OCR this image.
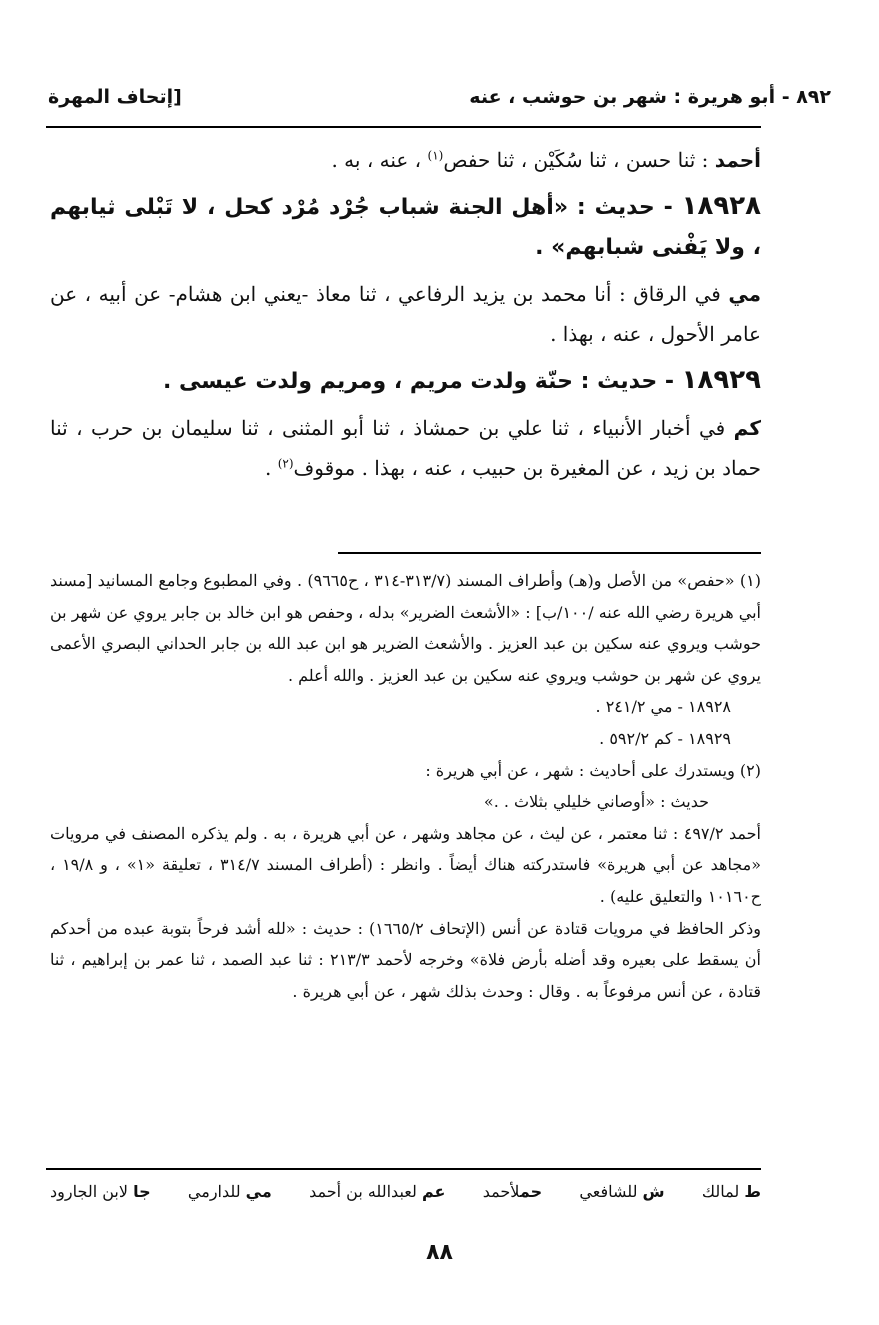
٨٩٢ - أبو هريرة : شهر بن حوشب ، عنه
[إتحاف المهرة

أحمد : ثنا حسن ، ثنا سُكَيْن ، ثنا حفص$^{(١)}$ ، عنه ، به .

١٨٩٢٨ - حديث : «أهل الجنة شباب جُرْد مُرْد كحل ، لا تَبْلى ثيابهم ، ولا يَفْنى شبابهم» .

مي في الرقاق : أنا محمد بن يزيد الرفاعي ، ثنا معاذ -يعني ابن هشام- عن أبيه ، عن عامر الأحول ، عنه ، بهذا .

١٨٩٢٩ - حديث : حنّة ولدت مريم ، ومريم ولدت عيسى .

كم في أخبار الأنبياء ، ثنا علي بن حمشاذ ، ثنا أبو المثنى ، ثنا سليمان بن حرب ، ثنا حماد بن زيد ، عن المغيرة بن حبيب ، عنه ، بهذا . موقوف$^{(٢)}$ .

(١) «حفص» من الأصل و(هـ) وأطراف المسند (٣١٣/٧-٣١٤ ، ح٩٦٦٥) . وفي المطبوع وجامع المسانيد [مسند أبي هريرة رضي الله عنه /١٠٠/ب] : «الأشعث الضرير» بدله ، وحفص هو ابن خالد بن جابر يروي عن شهر بن حوشب ويروي عنه سكين بن عبد العزيز . والأشعث الضرير هو ابن عبد الله بن جابر الحداني البصري الأعمى يروي عن شهر بن حوشب ويروي عنه سكين بن عبد العزيز . والله أعلم .

١٨٩٢٨ - مي ٢٤١/٢ .

١٨٩٢٩ - كم ٥٩٢/٢ .

(٢) ويستدرك على أحاديث : شهر ، عن أبي هريرة :

حديث : «أوصاني خليلي بثلاث . .»

أحمد ٤٩٧/٢ : ثنا معتمر ، عن ليث ، عن مجاهد وشهر ، عن أبي هريرة ، به . ولم يذكره المصنف في مرويات «مجاهد عن أبي هريرة» فاستدركته هناك أيضاً . وانظر : (أطراف المسند ٣١٤/٧ ، تعليقة «١» ، و ١٩/٨ ، ح١٠١٦٠ والتعليق عليه) .

وذكر الحافظ في مرويات قتادة عن أنس (الإتحاف ١٦٦٥/٢) : حديث : «لله أشد فرحاً بتوبة عبده من أحدكم أن يسقط على بعيره وقد أضله بأرض فلاة» وخرجه لأحمد ٢١٣/٣ : ثنا عبد الصمد ، ثنا عمر بن إبراهيم ، ثنا قتادة ، عن أنس مرفوعاً به . وقال : وحدث بذلك شهر ، عن أبي هريرة .

ط لمالك
ش للشافعي
حملأحمد
عم لعبدالله بن أحمد
مي للدارمي
جا لابن الجارود
٨٨
